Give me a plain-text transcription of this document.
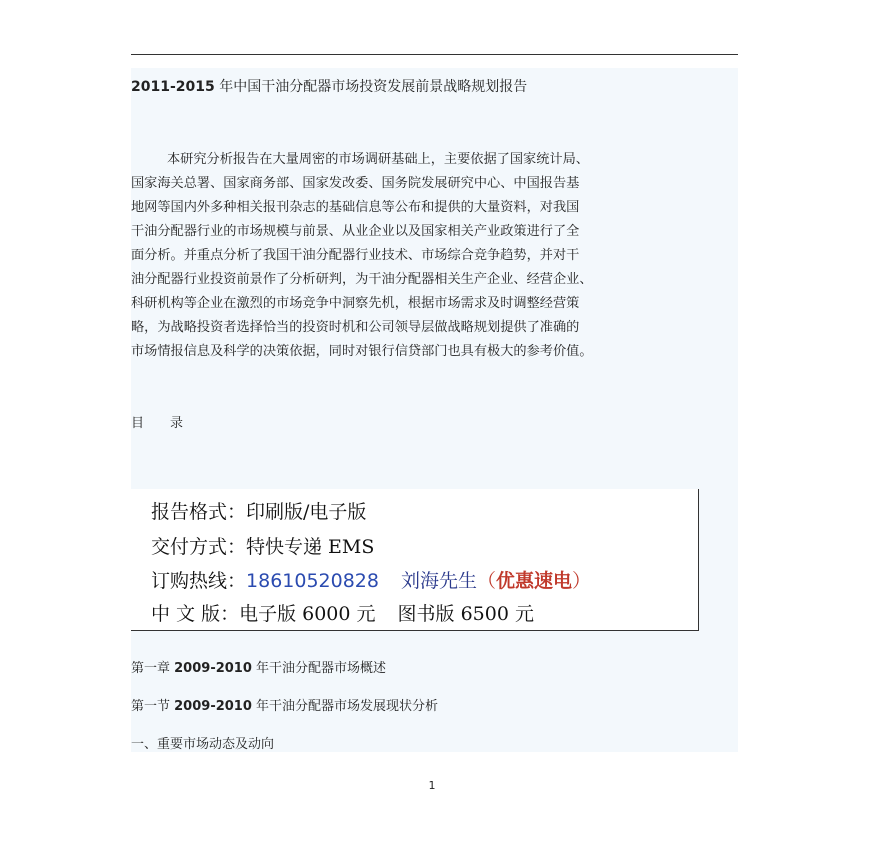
2011-2015 年中国干油分配器市场投资发展前景战略规划报告

本研究分析报告在大量周密的市场调研基础上，主要依据了国家统计局、
国家海关总署、国家商务部、国家发改委、国务院发展研究中心、中国报告基
地网等国内外多种相关报刊杂志的基础信息等公布和提供的大量资料，对我国
干油分配器行业的市场规模与前景、从业企业以及国家相关产业政策进行了全
面分析。并重点分析了我国干油分配器行业技术、市场综合竞争趋势，并对干
油分配器行业投资前景作了分析研判，为干油分配器相关生产企业、经营企业、
科研机构等企业在激烈的市场竞争中洞察先机，根据市场需求及时调整经营策
略，为战略投资者选择恰当的投资时机和公司领导层做战略规划提供了准确的
市场情报信息及科学的决策依据，同时对银行信贷部门也具有极大的参考价值。

目录
报告格式：印刷版/电子版
交付方式：特快专递 EMS
订购热线：18610520828 刘海先生（优惠速电）
中 文 版：电子版 6000 元 图书版 6500 元
第一章 2009-2010 年干油分配器市场概述
第一节 2009-2010 年干油分配器市场发展现状分析
一、重要市场动态及动向
1
